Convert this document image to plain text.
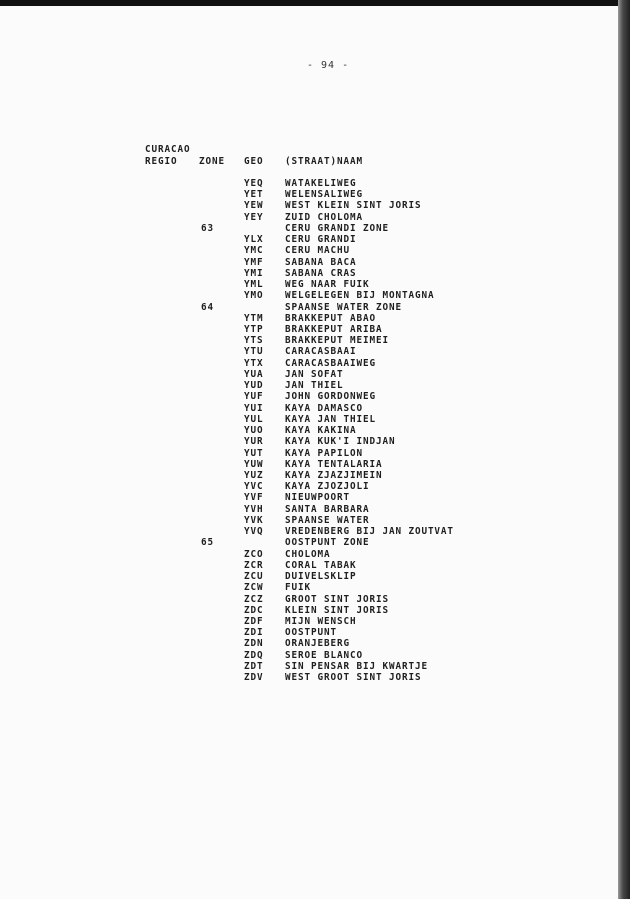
- 94 -
CURACAO
REGIO ZONE GEO (STRAAT)NAAM
YEQ WATAKELIWEG
YET WELENSALIWEG
YEW WEST KLEIN SINT JORIS
YEY ZUID CHOLOMA
63	CERU GRANDI ZONE
YLX CERU GRANDI
YMC CERU MACHU
YMF SABANA BACA
YMI SABANA CRAS
YML WEG NAAR FUIK
YMO WELGELEGEN BIJ MONTAGNA
64	SPAANSE WATER ZONE
YTM BRAKKEPUT ABAO
YTP BRAKKEPUT ARIBA
YTS BRAKKEPUT MEIMEI
YTU CARACASBAAI
YTX CARACASBAAIWEG
YUA JAN SOFAT
YUD JAN THIEL
YUF JOHN GORDONWEG
YUI KAYA DAMASCO
YUL KAYA JAN THIEL
YUO KAYA KAKINA
YUR KAYA KUK'I INDJAN
YUT KAYA PAPILON
YUW KAYA TENTALARIA
YUZ KAYA ZJAZJIMEIN
YVC KAYA ZJOZJOLI
YVF NIEUWPOORT
YVH SANTA BARBARA
YVK SPAANSE WATER
YVQ VREDENBERG BIJ JAN ZOUTVAT
65	OOSTPUNT ZONE
ZCO CHOLOMA
ZCR CORAL TABAK
ZCU DUIVELSKLIP
ZCW FUIK
ZCZ GROOT SINT JORIS
ZDC KLEIN SINT JORIS
ZDF MIJN WENSCH
ZDI OOSTPUNT
ZDN ORANJEBERG
ZDQ SEROE BLANCO
ZDT SIN PENSAR BIJ KWARTJE
ZDV WEST GROOT SINT JORIS
